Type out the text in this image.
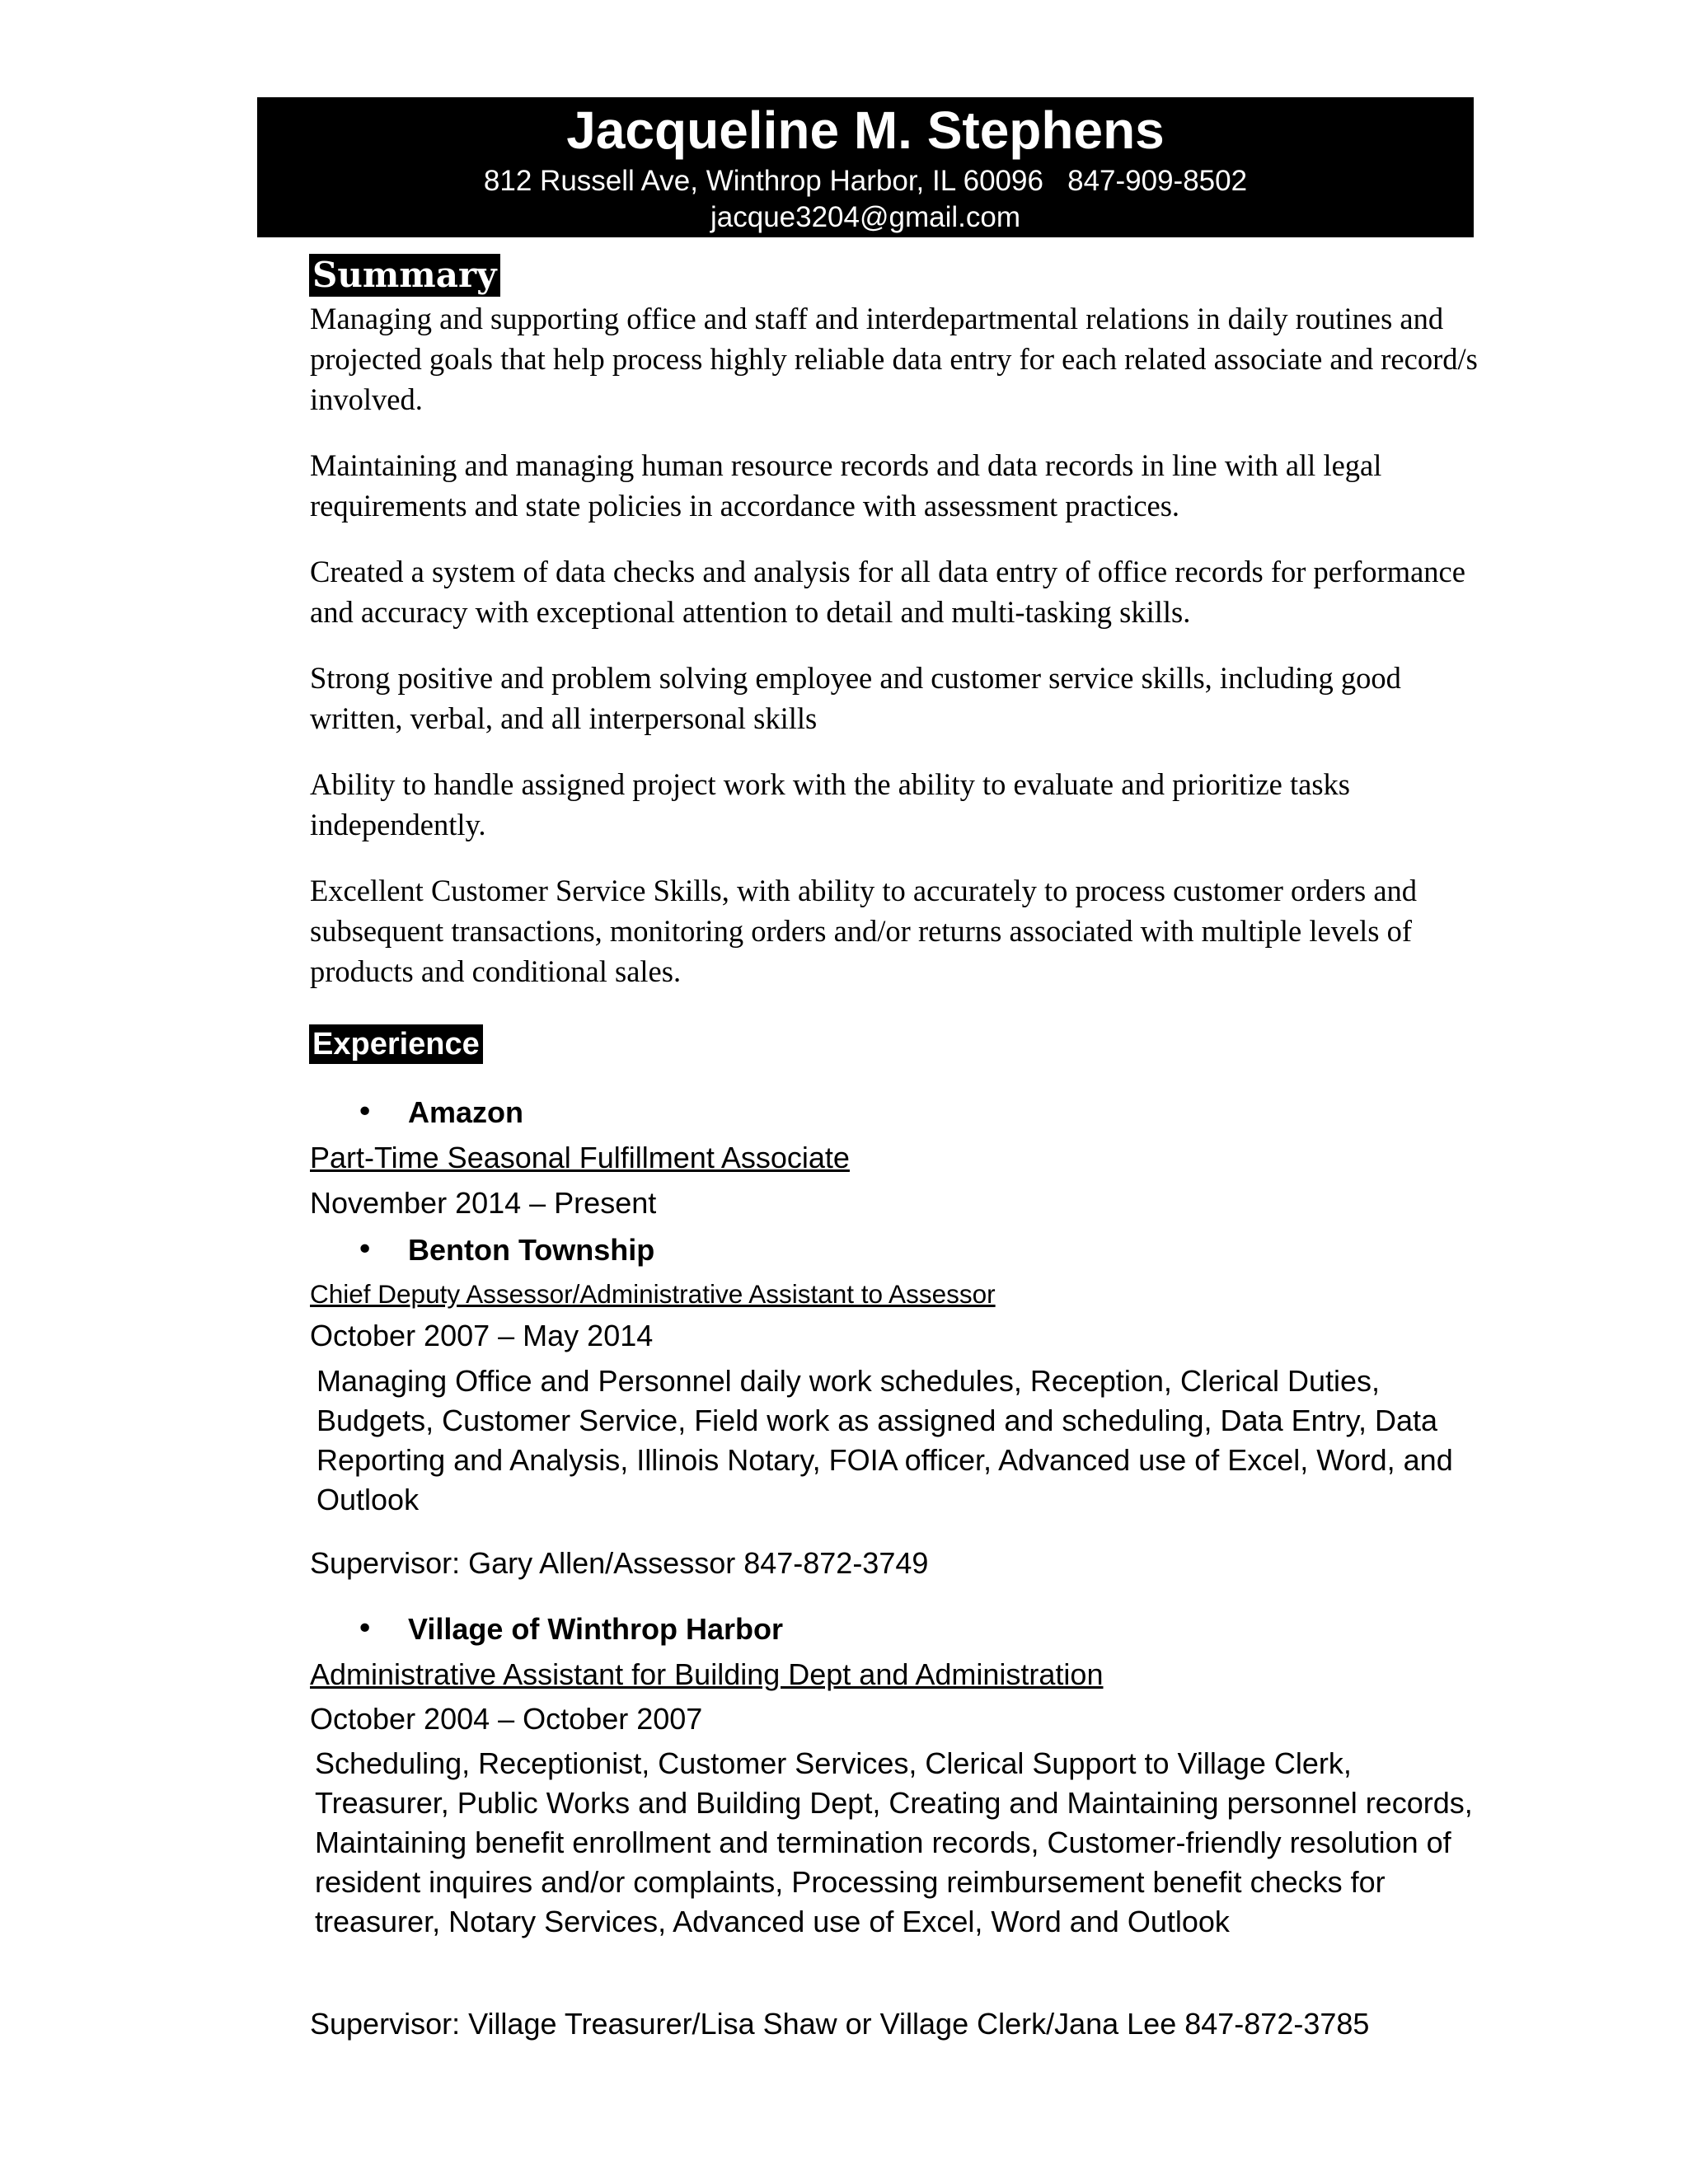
Jacqueline M. Stephens
812 Russell Ave, Winthrop Harbor, IL 60096   847-909-8502
jacque3204@gmail.com
Summary

Managing and supporting office and staff and interdepartmental relations in daily routines and projected goals that help process highly reliable data entry for each related associate and record/s involved.

Maintaining and managing human resource records and data records in line with all legal requirements and state policies in accordance with assessment practices.

Created a system of data checks and analysis for all data entry of office records for performance and accuracy with exceptional attention to detail and multi-tasking skills.

Strong positive and problem solving employee and customer service skills, including good written, verbal, and all interpersonal skills

Ability to handle assigned project work with the ability to evaluate and prioritize tasks independently.

Excellent Customer Service Skills, with ability to accurately to process customer orders and subsequent transactions, monitoring orders and/or returns associated with multiple levels of products and conditional sales.

Experience
• Amazon
Part-Time Seasonal Fulfillment Associate
November 2014 – Present
• Benton Township
Chief Deputy Assessor/Administrative Assistant to Assessor
October 2007 – May 2014
Managing Office and Personnel daily work schedules, Reception, Clerical Duties, Budgets, Customer Service, Field work as assigned and scheduling, Data Entry, Data Reporting and Analysis, Illinois Notary, FOIA officer, Advanced use of Excel, Word, and Outlook
Supervisor: Gary Allen/Assessor 847-872-3749
• Village of Winthrop Harbor
Administrative Assistant for Building Dept and Administration
October 2004 – October 2007
Scheduling, Receptionist, Customer Services, Clerical Support to Village Clerk, Treasurer, Public Works and Building Dept, Creating and Maintaining personnel records, Maintaining benefit enrollment and termination records, Customer-friendly resolution of resident inquires and/or complaints, Processing reimbursement benefit checks for treasurer, Notary Services, Advanced use of Excel, Word and Outlook
Supervisor: Village Treasurer/Lisa Shaw or Village Clerk/Jana Lee 847-872-3785
